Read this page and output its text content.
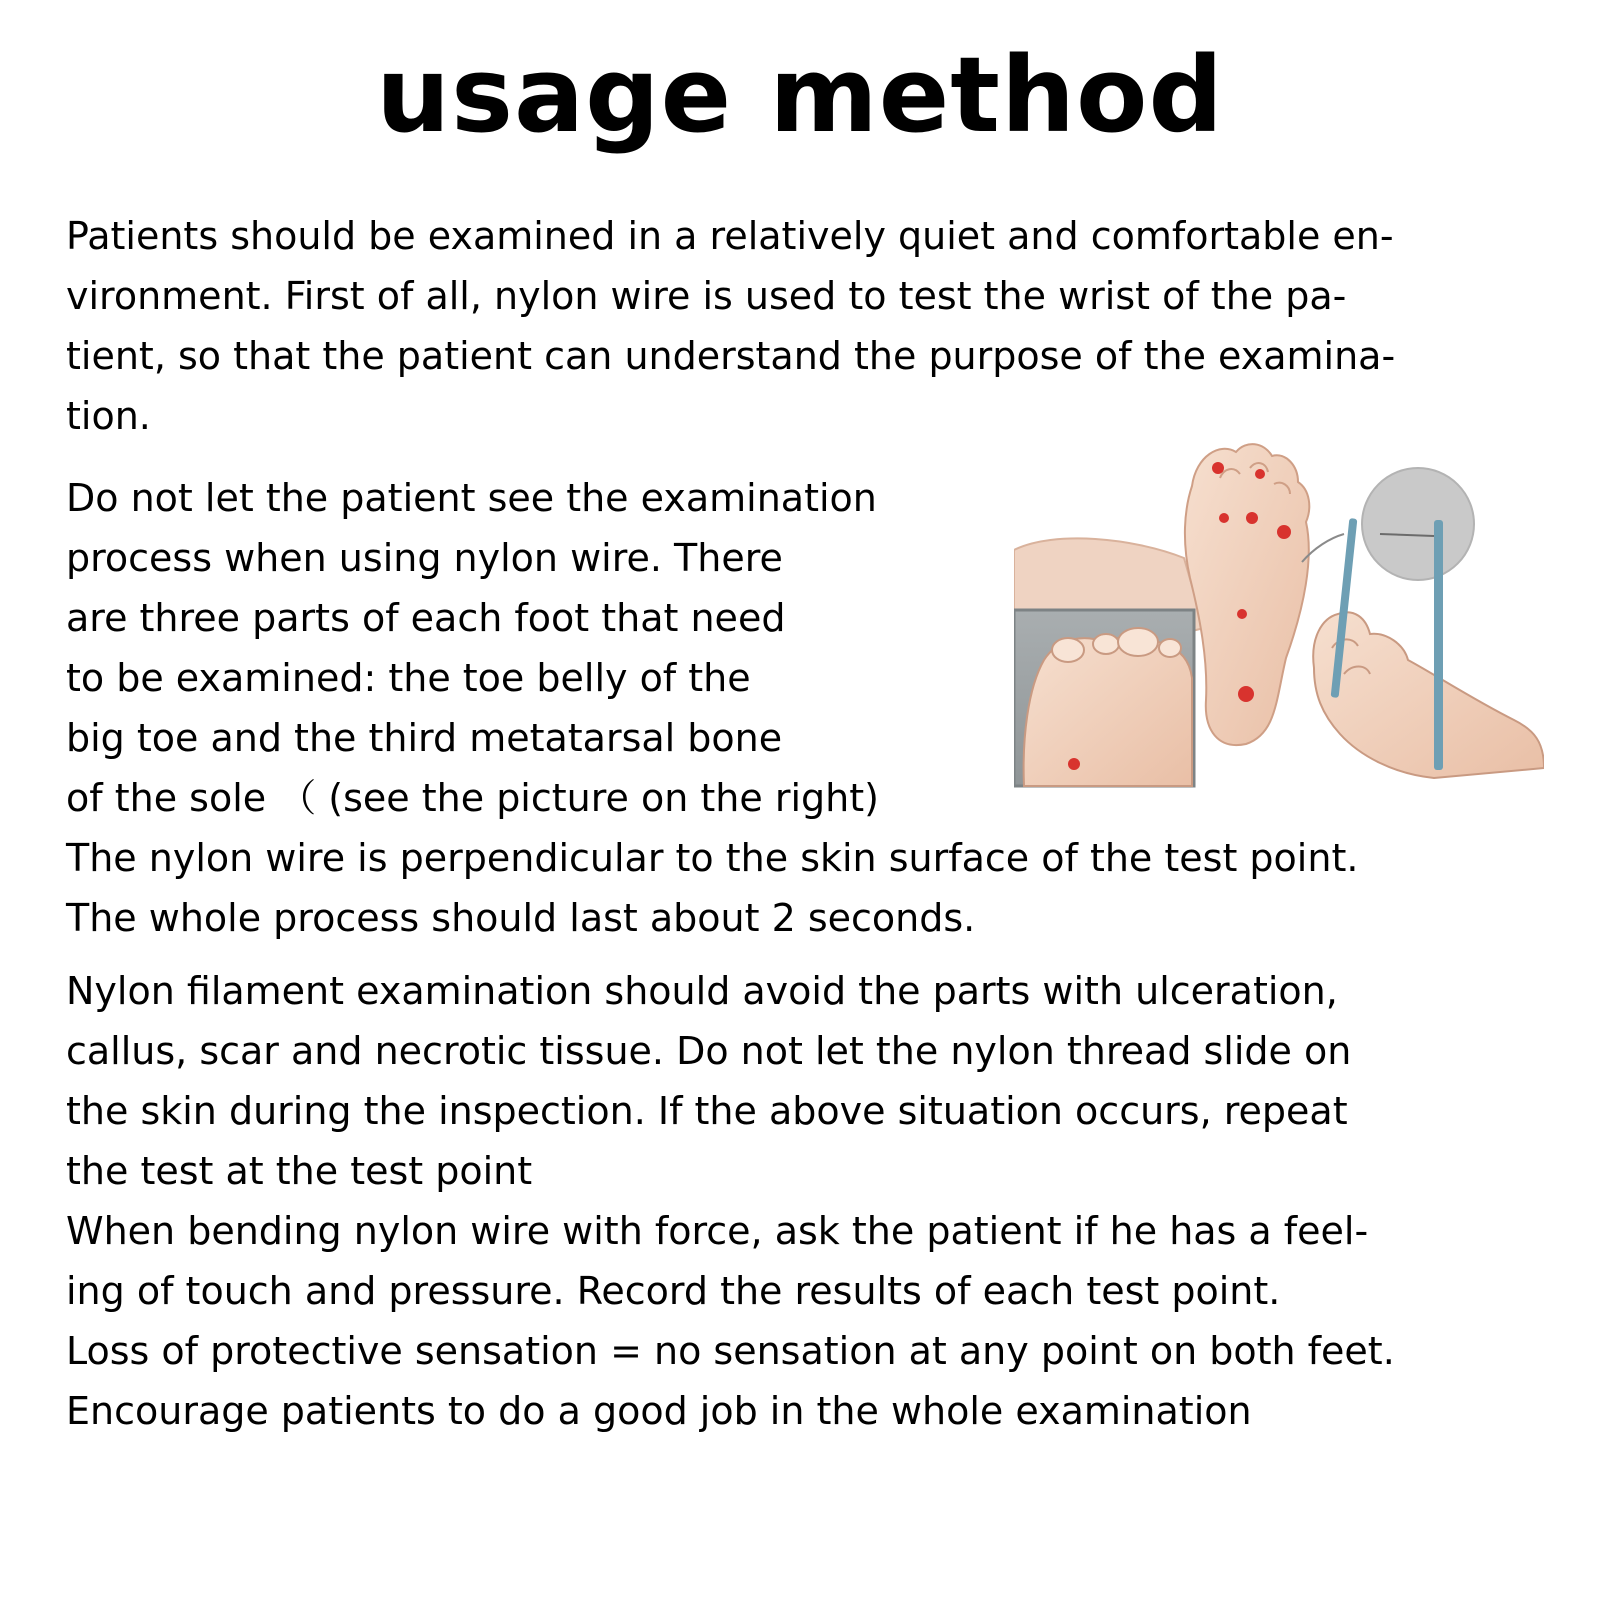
usage method
Patients should be examined in a relatively quiet and comfortable en-
vironment. First of all, nylon wire is used to test the wrist of the pa-
tient, so that the patient can understand the purpose of the examina-
tion.
Do not let the patient see the examination
process when using nylon wire. There
are three parts of each foot that need
to be examined: the toe belly of the
big toe and the third metatarsal bone
of the sole （ (see the picture on the right)
The nylon wire is perpendicular to the skin surface of the test point.
The whole process should last about 2 seconds.
Nylon filament examination should avoid the parts with ulceration,
callus, scar and necrotic tissue. Do not let the nylon thread slide on
the skin during the inspection. If the above situation occurs, repeat
the test at the test point
When bending nylon wire with force, ask the patient if he has a feel-
ing of touch and pressure. Record the results of each test point.
Loss of protective sensation = no sensation at any point on both feet.
Encourage patients to do a good job in the whole examination
